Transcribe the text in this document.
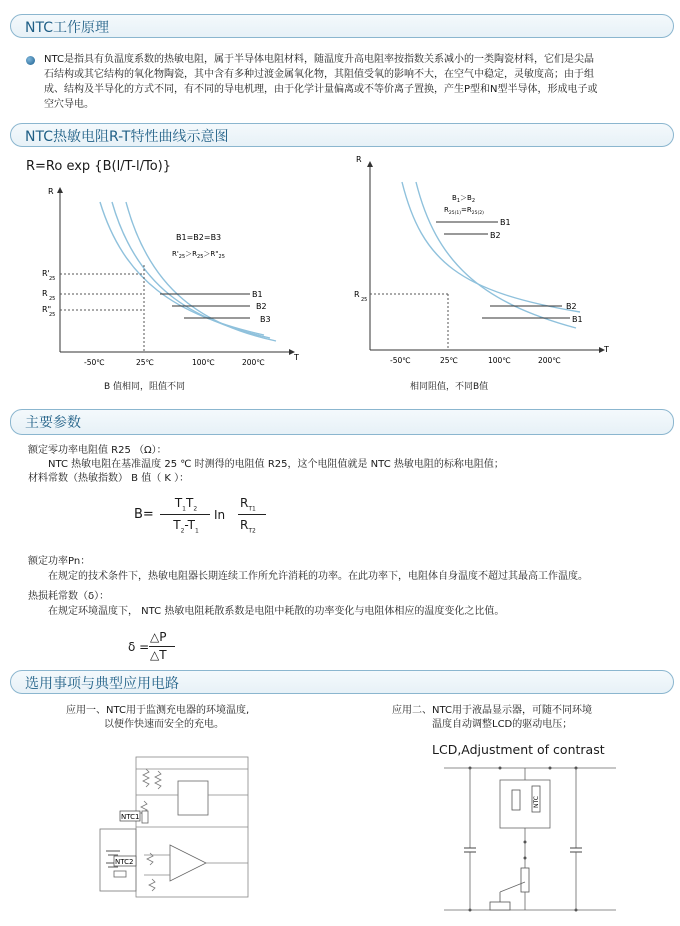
NTC工作原理
NTC是指具有负温度系数的热敏电阻，属于半导体电阻材料，随温度升高电阻率按指数关系减小的一类陶瓷材料，它们是尖晶
石结构或其它结构的氧化物陶瓷，其中含有多种过渡金属氧化物，其阻值受氧的影响不大，在空气中稳定，灵敏度高；由于组
成、结构及半导化的方式不同，有不同的导电机理，由于化学计量偏离或不等价离子置换，产生P型和N型半导体，形成电子或
空穴导电。
NTC热敏电阻R-T特性曲线示意图
R=Ro exp {B(l/T-l/To)}
R
T
B1
B2
B3
R'
25
R
25
R"
25
B1=B2=B3
$R'_{25}>R_{25}>R"_{25}$
-50℃	25℃	100℃	200℃
B 值相同，阻值不同
R
T
B1
B2
B2
B1
$B_1>B_2$
$R_{25(1)}=R_{25(2)}$
R
25
-50℃	25℃	100℃	200℃
相同阻值，不同B值
主要参数
额定零功率电阻值 R25 （Ω）：
NTC 热敏电阻在基准温度 25 ℃ 时测得的电阻值 R25，这个电阻值就是 NTC 热敏电阻的标称电阻值；
材料常数（热敏指数） B 值（ K ）：
B=
$T_1T_2$
$T_2-T_1$
In
$R_{T1}$
$R_{T2}$
额定功率Pn：
在规定的技术条件下，热敏电阻器长期连续工作所允许消耗的功率。在此功率下，电阻体自身温度不超过其最高工作温度。
热损耗常数（δ）：
在规定环境温度下， NTC 热敏电阻耗散系数是电阻中耗散的功率变化与电阻体相应的温度变化之比值。
δ =
△P
△T
选用事项与典型应用电路
应用一、NTC用于监测充电器的环境温度,
以便作快速而安全的充电。
应用二、NTC用于液晶显示器，可随不同环境
温度自动调整LCD的驱动电压；
LCD,Adjustment of contrast
NTC1
NTC2
NTC
